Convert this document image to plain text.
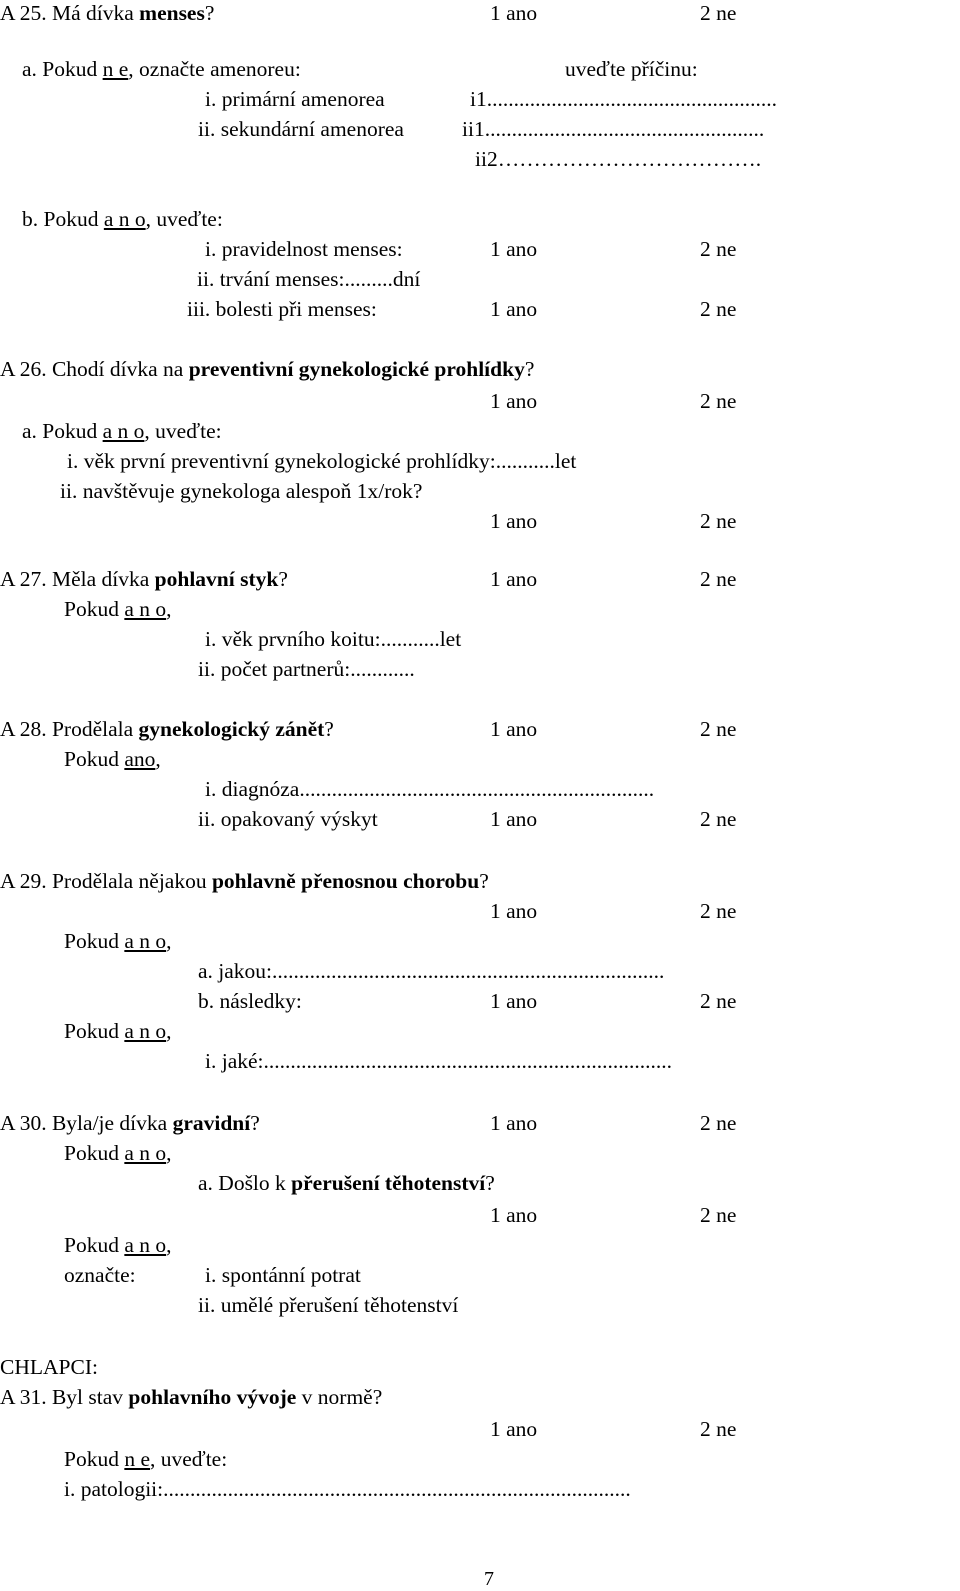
A 25. Má dívka menses?	1 ano	2 ne
a. Pokud n e, označte amenoreu:	uveďte příčinu:
i. primární amenorea	i1......................................................
ii. sekundární amenorea	ii1....................................................
ii2……………………………….
b. Pokud a n o, uveďte:
i. pravidelnost menses:	1 ano	2 ne
ii. trvání menses:.........dní
iii. bolesti při menses:	1 ano	2 ne
A 26. Chodí dívka na preventivní gynekologické prohlídky?
1 ano	2 ne
a. Pokud a n o, uveďte:
i. věk první preventivní gynekologické prohlídky:...........let
ii. navštěvuje gynekologa alespoň 1x/rok?
1 ano	2 ne
A 27. Měla dívka pohlavní styk?	1 ano	2 ne
Pokud a n o,
i. věk prvního koitu:...........let
ii. počet partnerů:............
A 28. Prodělala gynekologický zánět?	1 ano	2 ne
Pokud ano,
i. diagnóza..................................................................
ii. opakovaný výskyt	1 ano	2 ne
A 29. Prodělala nějakou pohlavně přenosnou chorobu?
1 ano	2 ne
Pokud a n o,
a. jakou:.........................................................................
b. následky:	1 ano	2 ne
Pokud a n o,
i. jaké:............................................................................
A 30. Byla/je dívka gravidní?	1 ano	2 ne
Pokud a n o,
a. Došlo k přerušení těhotenství?
1 ano	2 ne
Pokud a n o,
označte:	i. spontánní potrat
ii. umělé přerušení těhotenství
CHLAPCI:
A 31. Byl stav pohlavního vývoje v normě?
1 ano	2 ne
Pokud n e, uveďte:
i. patologii:.......................................................................................
7
